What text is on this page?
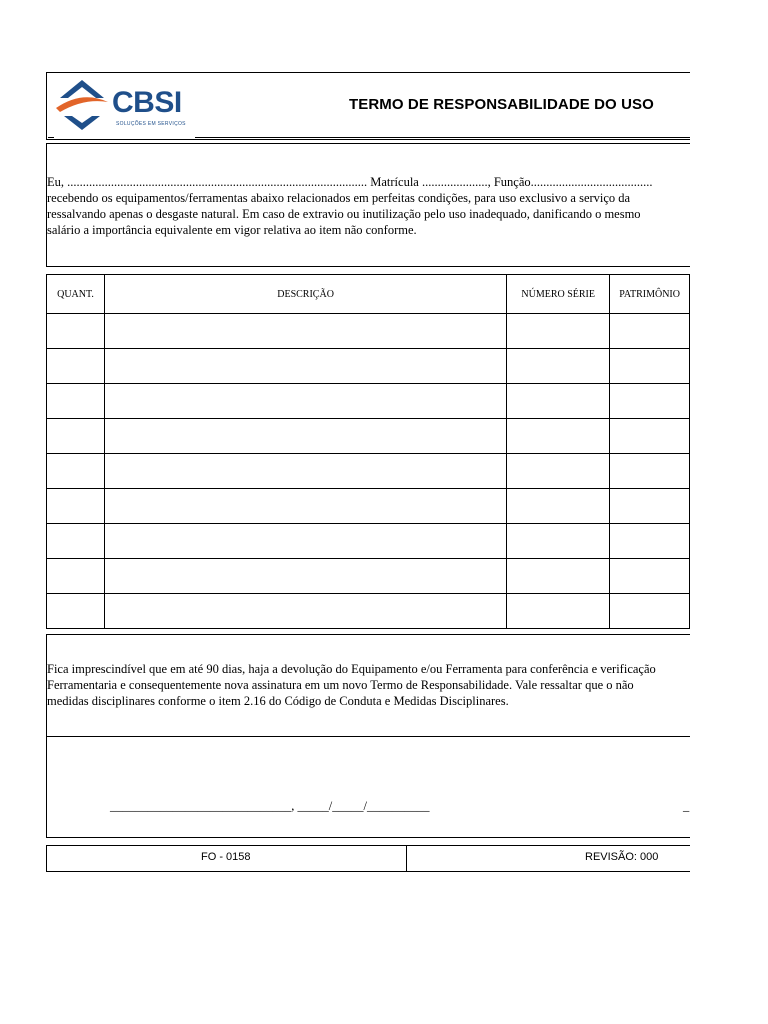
CBSI
SOLUÇÕES EM SERVIÇOS
TERMO DE RESPONSABILIDADE DO USO
Eu, ................................................................................................ Matrícula ....................., Função.......................................
recebendo os equipamentos/ferramentas abaixo relacionados em perfeitas condições, para uso exclusivo a serviço da
ressalvando apenas o desgaste natural. Em caso de extravio ou inutilização pelo uso inadequado, danificando o mesmo
salário a importância equivalente em vigor relativa ao item não conforme.
QUANT.	DESCRIÇÃO	NÚMERO SÉRIE	PATRIMÔNIO	

Fica imprescindível que em até 90 dias, haja a devolução do Equipamento e/ou Ferramenta para conferência e verificação
Ferramentaria e consequentemente nova assinatura em um novo Termo de Responsabilidade. Vale ressaltar que o não
medidas disciplinares conforme o item 2.16 do Código de Conduta e Medidas Disciplinares.
_____________________________, _____/_____/__________	_
FO - 0158	REVISÃO: 000
